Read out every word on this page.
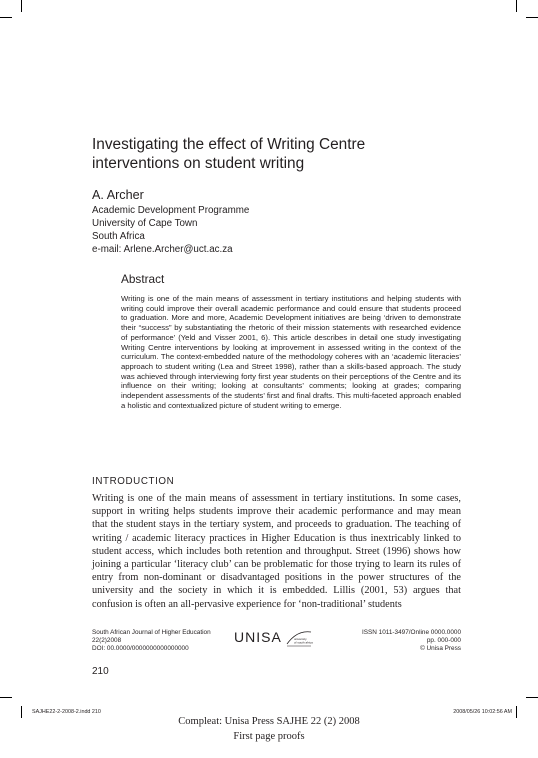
Investigating the effect of Writing Centre
interventions on student writing
A. Archer
Academic Development Programme
University of Cape Town
South Africa
e-mail: Arlene.Archer@uct.ac.za
Abstract

Writing is one of the main means of assessment in tertiary institutions and helping students with writing could improve their overall academic performance and could ensure that students proceed to graduation. More and more, Academic Development initiatives are being ‘driven to demonstrate their “success” by substantiating the rhetoric of their mission statements with researched evidence of performance’ (Yeld and Visser 2001, 6). This article describes in detail one study investigating Writing Centre interventions by looking at improvement in assessed writing in the context of the curriculum. The context-embedded nature of the methodology coheres with an ‘academic literacies’ approach to student writing (Lea and Street 1998), rather than a skills-based approach. The study was achieved through interviewing forty first year students on their perceptions of the Centre and its influence on their writing; looking at consultants’ comments; looking at grades; comparing independent assessments of the students’ first and final drafts. This multi-faceted approach enabled a holistic and contextualized picture of student writing to emerge.

INTRODUCTION

Writing is one of the main means of assessment in tertiary institutions. In some cases, support in writing helps students improve their academic performance and may mean that the student stays in the tertiary system, and proceeds to graduation. The teaching of writing / academic literacy practices in Higher Education is thus inextricably linked to student access, which includes both retention and throughput. Street (1996) shows how joining a particular ‘literacy club’ can be problematic for those trying to learn its rules of entry from non-dominant or disadvantaged positions in the power structures of the university and the society in which it is embedded. Lillis (2001, 53) argues that confusion is often an all-pervasive experience for ‘non-traditional’ students

South African Journal of Higher Education
22(2)2008
DOI: 00.0000/0000000000000000
UNISA	university
of south africa
ISSN 1011-3497/Online 0000.0000
pp. 000-000
© Unisa Press
210
SAJHE22-2-2008-2.indd 210	2008/05/26 10:02:56 AM
Compleat: Unisa Press SAJHE 22 (2) 2008
First page proofs
